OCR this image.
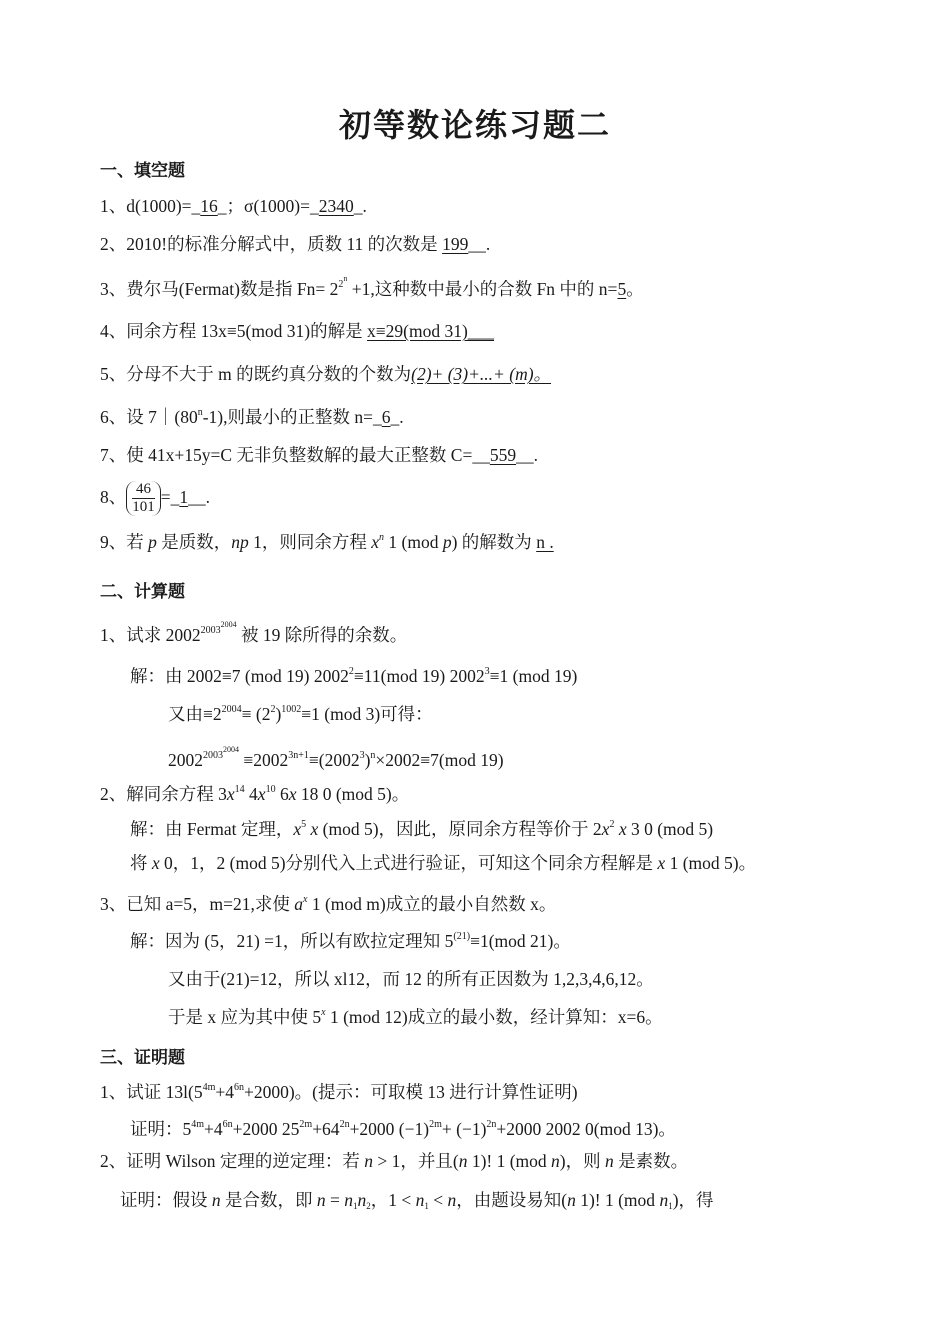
初等数论练习题二
一、填空题
1、d(1000)=_16_；σ(1000)=_2340_.
2、2010!的标准分解式中，质数 11 的次数是 199__.
3、费尔马(Fermat)数是指 $Fn= 2^{2^n} +1$,这种数中最小的合数 Fn 中的 n=5。
4、同余方程 13x≡5(mod 31)的解是 x≡29(mod 31)___
5、分母不大于 m 的既约真分数的个数为(2)+ (3)+...+ (m)。
6、设 7｜(80$^n$-1),则最小的正整数 n=_6_.
7、使 41x+15y=C 无非负整数解的最大正整数 C=__559__.
8、 $\frac{46}{101}$ =_1__.
9、若 p 是质数，np 1，则同余方程 $x^n$ 1 (mod p) 的解数为 n .
二、计算题
1、试求 $2002^{2003^{2004}}$ 被 19 除所得的余数。
解：由 2002≡7 (mod 19) $2002^2\equiv 11(mod$ 19) $2002^3\equiv 1$ (mod 19)
又由$\equiv 2^{2004}\equiv (2^2)^{1002}\equiv 1$ (mod 3)可得：
$2002^{2003^{2004}} \equiv 2002^{3n+1}\equiv(2002^3)^n\times 2002\equiv 7(mod$ 19)
2、解同余方程 $3x^{14}$ $4x^{10}$ 6x 18 0 (mod 5)。
解：由 Fermat 定理，$x^5$ x (mod 5)，因此，原同余方程等价于 $2x^2$ x 3 0 (mod 5)
将 x 0，1，2 (mod 5)分别代入上式进行验证，可知这个同余方程解是 x 1 (mod 5)。
3、已知 a=5，m=21,求使 $a^x$ 1 (mod m)成立的最小自然数 x。
解：因为 (5，21) =1，所以有欧拉定理知 $5^{(21)}\equiv 1(mod$ 21)。
又由于(21)=12，所以 xl12，而 12 的所有正因数为 1,2,3,4,6,12。
于是 x 应为其中使 5$^x$ 1 (mod 12)成立的最小数，经计算知：x=6。
三、证明题
1、试证 $13l(5^{4m}+4^{6n}+2000)$。(提示：可取模 13 进行计算性证明)
证明：$5^{4m}+4^{6n}+2000$ $25^{2m}+64^{2n}+2000$ $(-1)^{2m}+ (-1)^{2n}+2000$ 2002 0(mod 13)。
2、证明 Wilson 定理的逆定理：若 n > 1，并且(n 1)! 1 (mod n)，则 n 是素数。
证明：假设 n 是合数，即 $n = n_1n_2$，$1 < n_1 < n$，由题设易知(n 1)! 1 (mod $n_1$)，得
